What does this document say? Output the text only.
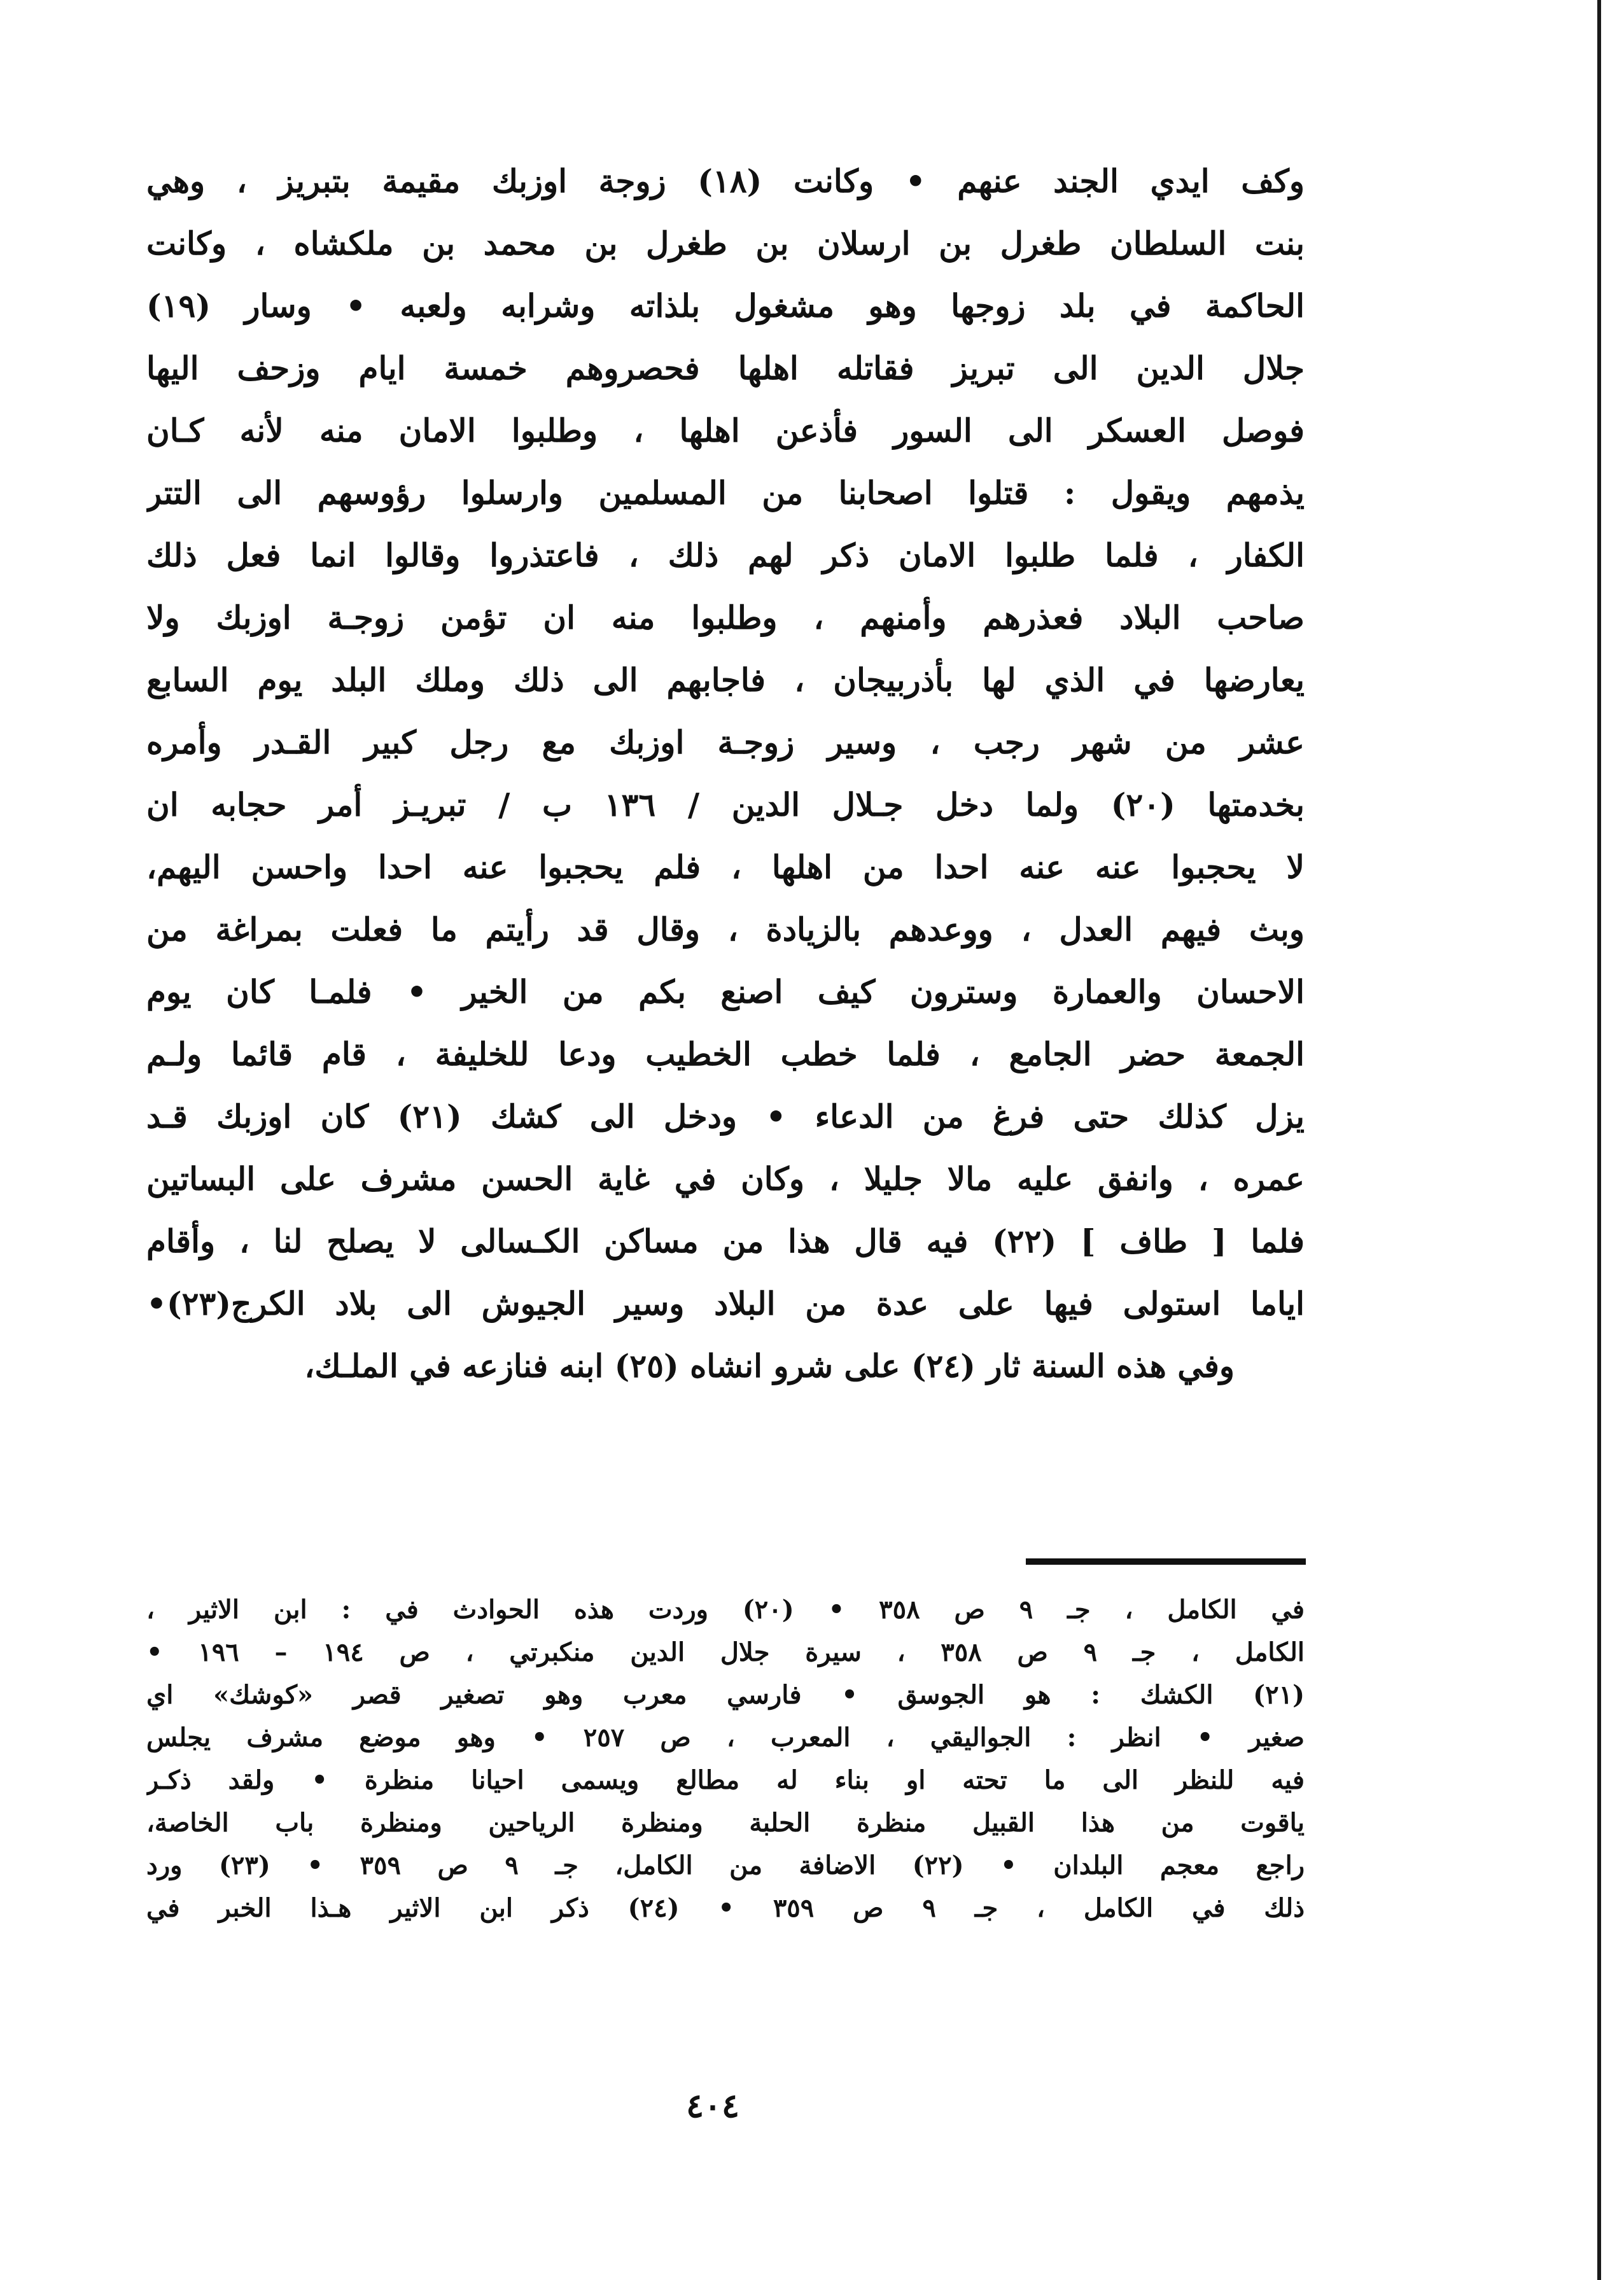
وكف ايدي الجند عنهم • وكانت (١٨) زوجة اوزبك مقيمة بتبريز ، وهي
بنت السلطان طغرل بن ارسلان بن طغرل بن محمد بن ملكشاه ، وكانت
الحاكمة في بلد زوجها وهو مشغول بلذاته وشرابه ولعبه • وسار (١٩)
جلال الدين الى تبريز فقاتله اهلها فحصروهم خمسة ايام وزحف اليها
فوصل العسكر الى السور فأذعن اهلها ، وطلبوا الامان منه لأنه كـان
يذمهم ويقول : قتلوا اصحابنا من المسلمين وارسلوا رؤوسهم الى التتر
الكفار ، فلما طلبوا الامان ذكر لهم ذلك ، فاعتذروا وقالوا انما فعل ذلك
صاحب البلاد فعذرهم وأمنهم ، وطلبوا منه ان تؤمن زوجـة اوزبك ولا
يعارضها في الذي لها بأذربيجان ، فاجابهم الى ذلك وملك البلد يوم السابع
عشر من شهر رجب ، وسير زوجـة اوزبك مع رجل كبير القـدر وأمره
بخدمتها (٢٠) ولما دخل جـلال الدين / ١٣٦ ب / تبريـز أمر حجابه ان
لا يحجبوا عنه عنه احدا من اهلها ، فلم يحجبوا عنه احدا واحسن اليهم،
وبث فيهم العدل ، ووعدهم بالزيادة ، وقال قد رأيتم ما فعلت بمراغة من
الاحسان والعمارة وسترون كيف اصنع بكم من الخير • فلمـا كان يوم
الجمعة حضر الجامع ، فلما خطب الخطيب ودعا للخليفة ، قام قائما ولـم
يزل كذلك حتى فرغ من الدعاء • ودخل الى كشك (٢١) كان اوزبك قـد
عمره ، وانفق عليه مالا جليلا ، وكان في غاية الحسن مشرف على البساتين
فلما [ طاف ] (٢٢) فيه قال هذا من مساكن الكـسالى لا يصلح لنا ، وأقام
اياما استولى فيها على عدة من البلاد وسير الجيوش الى بلاد الكرج(٢٣)•
وفي هذه السنة ثار (٢٤) على شرو انشاه (٢٥) ابنه فنازعه في الملـك،
في الكامل ، جـ ٩ ص ٣٥٨ • (٢٠) وردت هذه الحوادث في : ابن الاثير ،
الكامل ، جـ ٩ ص ٣٥٨ ، سيرة جلال الدين منكبرتي ، ص ١٩٤ – ١٩٦ •
(٢١) الكشك : هو الجوسق • فارسي معرب وهو تصغير قصر «كوشك» اي
صغير • انظر : الجواليقي ، المعرب ، ص ٢٥٧ • وهو موضع مشرف يجلس
فيه للنظر الى ما تحته او بناء له مطالع ويسمى احيانا منظرة • ولقد ذكـر
ياقوت من هذا القبيل منظرة الحلبة ومنظرة الرياحين ومنظرة باب الخاصة،
راجع معجم البلدان • (٢٢) الاضافة من الكامل، جـ ٩ ص ٣٥٩ • (٢٣) ورد
ذلك في الكامل ، جـ ٩ ص ٣٥٩ • (٢٤) ذكر ابن الاثير هـذا الخبر في
٤٠٤
